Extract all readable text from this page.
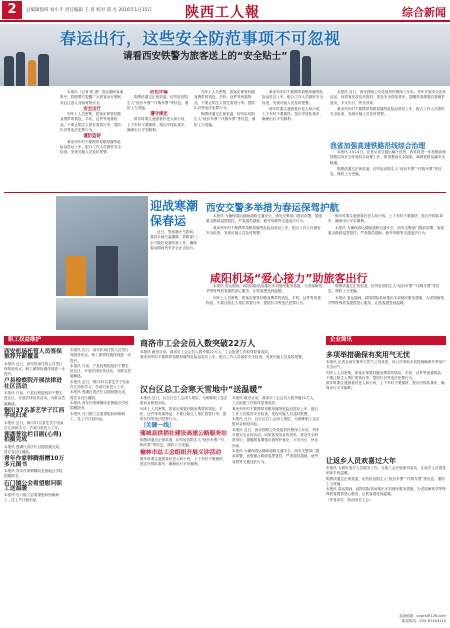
2	总编辑值班 刘小平 责任编辑 王 青 校对 郑 方 2016年1月15日 陕西工人報	综合新闻
春运出行，这些安全防范事项不可忽视
请看西安铁警为旅客送上的“安全贴士”

本报讯（记者 张 勇）春运期间客流集中，铁路警方提醒广大旅客出行期间务必注意人身和财物安全。

安全出行

列车上人员密集，旅客应保管好随身携带的钱包、手机、证件等贵重物品，不要让陌生人帮忙看管行李，提防扒窃等违法犯罪行为。

谨防盗窃

乘坐列车时不要携带易燃易爆等危险品进站上车，配合工作人员做好安全检查，发现可疑人员及时报警。

防范诈骗

购票请通过正规渠道，切勿轻信陌生人“低价车票”“代购车票”等信息，谨防上当受骗。

遵守规定

候车时要注意照看好老人和小孩，上下车时不要拥挤，按次序排队乘车，确保出行平安顺利。

列车上人员密集，旅客应保管好随身携带的钱包、手机、证件等贵重物品，不要让陌生人帮忙看管行李，提防扒窃等违法犯罪行为。

购票请通过正规渠道，切勿轻信陌生人“低价车票”“代购车票”等信息，谨防上当受骗。

乘坐列车时不要携带易燃易爆等危险品进站上车，配合工作人员做好安全检查，发现可疑人员及时报警。

候车时要注意照看好老人和小孩，上下车时不要拥挤，按次序排队乘车，确保出行平安顺利。

本报讯 近日，西安铁路公安处组织民警深入车站、列车开展安全宣传活动，向旅客发放宣传资料，普及安全防范常识，提醒旅客增强自我保护意识，平安出行、快乐回家。

乘坐列车时不要携带易燃易爆等危险品进站上车，配合工作人员做好安全检查，发现可疑人员及时报警。

我省加强高速铁路沿线综合治理

本报讯 1月14日，记者从省交通运输厅获悉，我省将进一步加强高速铁路沿线安全环境综合治理工作，排查整治安全隐患，确保铁路运输安全畅通。

购票请通过正规渠道，切勿轻信陌生人“低价车票”“代购车票”等信息，谨防上当受骗。

迎战寒潮
保春运

近日，受寒潮天气影响，我省多地气温骤降，铁路部门全力做好设备防寒工作，确保春运期间列车安全正点运行。

西安交警多举措为春运保驾护航

本报讯 为确保春运期间道路交通安全，西安交警部门提前部署，加强重点路段巡逻管控，严查超员超载、疲劳驾驶等交通违法行为。

乘坐列车时不要携带易燃易爆等危险品进站上车，配合工作人员做好安全检查，发现可疑人员及时报警。

候车时要注意照看好老人和小孩，上下车时不要拥挤，按次序排队乘车，确保出行平安顺利。

本报讯 为确保春运期间道路交通安全，西安交警部门提前部署，加强重点路段巡逻管控，严查超员超载、疲劳驾驶等交通违法行为。

咸阳机场“爱心接力”助旅客出行

本报讯 春运期间，咸阳国际机场推出多项便民服务措施，为老弱病残孕等特殊旅客提供爱心服务，让旅客感受到温暖。

列车上人员密集，旅客应保管好随身携带的钱包、手机、证件等贵重物品，不要让陌生人帮忙看管行李，提防扒窃等违法犯罪行为。

购票请通过正规渠道，切勿轻信陌生人“低价车票”“代购车票”等信息，谨防上当受骗。

本报讯 春运期间，咸阳国际机场推出多项便民服务措施，为老弱病残孕等特殊旅客提供爱心服务，让旅客感受到温暖。

职工权益维护	企业简讯
西安机场托管人员签保推荐升薪覆盖

本报讯 近日，西安机场托管人员签订保推荐协议，职工薪资待遇得到进一步提升。

户县检察院开展法律进社区活动

本报讯 日前，户县检察院组织干警走进社区，开展法律宣传活动，为群众答疑解惑。

铜川37名茶艺学子江西学成归来

本报讯 近日，铜川37名茶艺学子结束在江西的学习，学成归来投入工作。

莲湖普法栏目剧(心得)拍摄完成

本报讯 莲湖区普法栏目剧拍摄完成，将在各社区播放。

青年作家韩腾捐赠10万多元图书

本报讯 青年作家韩腾向贫困地区学校捐赠图书。

石门镇公会看望慰问职工送温暖

本报讯 石门镇工会看望慰问困难职工，送上节日慰问品。

本报讯 近日，西安机场托管人员签订保推荐协议，职工薪资待遇得到进一步提升。

本报讯 日前，户县检察院组织干警走进社区，开展法律宣传活动，为群众答疑解惑。

本报讯 近日，铜川37名茶艺学子结束在江西的学习，学成归来投入工作。

本报讯 莲湖区普法栏目剧拍摄完成，将在各社区播放。

本报讯 青年作家韩腾向贫困地区学校捐赠图书。

本报讯 石门镇工会看望慰问困难职工，送上节日慰问品。

商洛市工会会员入数突破22万人

本报讯 截至目前，商洛市工会会员人数突破22万人，工会组建工作取得显著成效。

乘坐列车时不要携带易燃易爆等危险品进站上车，配合工作人员做好安全检查，发现可疑人员及时报警。

汉台区总工会寒天雪地中“送温暖”

本报讯 近日，汉台区总工会深入基层，为困难职工送去慰问金和慰问品。

列车上人员密集，旅客应保管好随身携带的钱包、手机、证件等贵重物品，不要让陌生人帮忙看管行李，提防扒窃等违法犯罪行为。

〔关键一线〕
蒲城县供销社建设高速公路服务站

购票请通过正规渠道，切勿轻信陌生人“低价车票”“代购车票”等信息，谨防上当受骗。

榆林市总工会组织开展义诊活动

候车时要注意照看好老人和小孩，上下车时不要拥挤，按次序排队乘车，确保出行平安顺利。

本报讯 截至目前，商洛市工会会员人数突破22万人，工会组建工作取得显著成效。

乘坐列车时不要携带易燃易爆等危险品进站上车，配合工作人员做好安全检查，发现可疑人员及时报警。

本报讯 近日，汉台区总工会深入基层，为困难职工送去慰问金和慰问品。

本报讯 近日，西安铁路公安处组织民警深入车站、列车开展安全宣传活动，向旅客发放宣传资料，普及安全防范常识，提醒旅客增强自我保护意识，平安出行、快乐回家。

本报讯 为确保春运期间道路交通安全，西安交警部门提前部署，加强重点路段巡逻管控，严查超员超载、疲劳驾驶等交通违法行为。

多项举措确保有奖用气无忧

本报讯 记者从西安秦华天然气公司获悉，该公司采取多项措施确保冬季用户安全用气。

列车上人员密集，旅客应保管好随身携带的钱包、手机、证件等贵重物品，不要让陌生人帮忙看管行李，提防扒窃等违法犯罪行为。

候车时要注意照看好老人和小孩，上下车时不要拥挤，按次序排队乘车，确保出行平安顺利。

让返乡人员欢喜过大年

本报讯 为做好返乡人员服务工作，当地工会开展系列活动，让返乡人员感受到家乡的温暖。

购票请通过正规渠道，切勿轻信陌生人“低价车票”“代购车票”等信息，谨防上当受骗。

本报讯 春运期间，咸阳国际机场推出多项便民服务措施，为老弱病残孕等特殊旅客提供爱心服务，让旅客感受到温暖。

（作者单位：陕西省总工会）

本版邮箱：sxgrb@126.com
新闻热线：029-87344110
